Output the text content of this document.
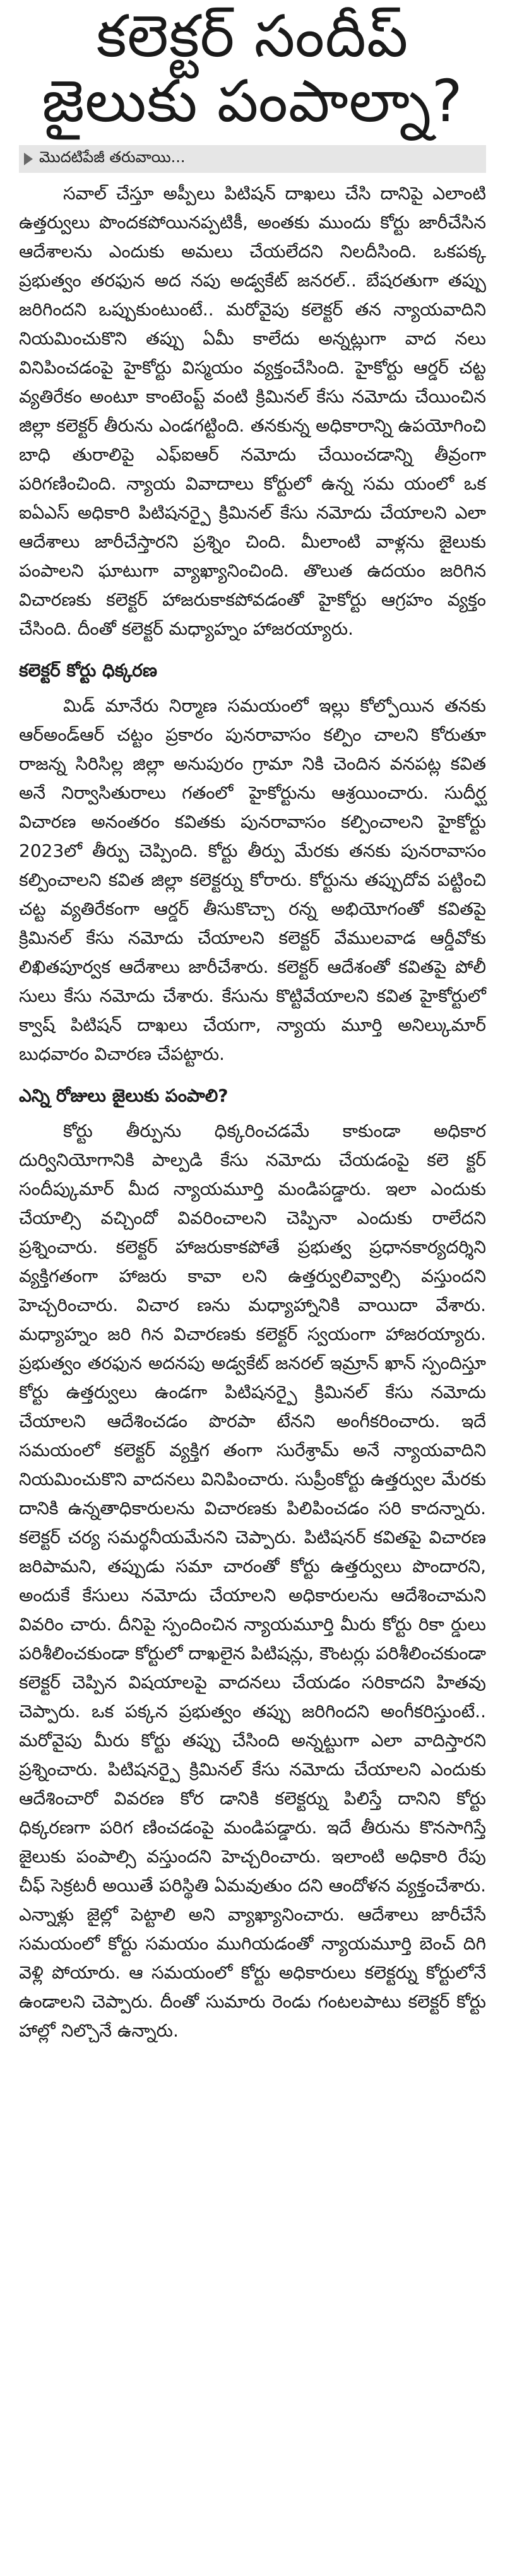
కలెక్టర్ సందీప్
జైలుకు పంపాల్నా?
మొదటిపేజీ తరువాయి...

సవాల్ చేస్తూ అప్పీలు పిటిషన్ దాఖలు చేసి దానిపై ఎలాంటి ఉత్తర్వులు పొందకపోయినప్పటికీ, అంతకు ముందు కోర్టు జారీచేసిన ఆదేశాలను ఎందుకు అమలు చేయలేదని నిలదీసింది. ఒకపక్క ప్రభుత్వం తరఫున అద నపు అడ్వకేట్ జనరల్.. బేషరతుగా తప్పు జరిగిందని ఒప్పుకుంటుంటే.. మరోవైపు కలెక్టర్ తన న్యాయవాదిని నియమించుకొని తప్పు ఏమీ కాలేదు అన్నట్లుగా వాద నలు వినిపించడంపై హైకోర్టు విస్మయం వ్యక్తంచేసింది. హైకోర్టు ఆర్డర్ చట్ట వ్యతిరేకం అంటూ కాంటెంప్ట్ వంటి క్రిమినల్ కేసు నమోదు చేయించిన జిల్లా కలెక్టర్ తీరును ఎండగట్టింది. తనకున్న అధికారాన్ని ఉపయోగించి బాధి తురాలిపై ఎఫ్ఐఆర్ నమోదు చేయించడాన్ని తీవ్రంగా పరిగణించింది. న్యాయ వివాదాలు కోర్టులో ఉన్న సమ యంలో ఒక ఐఏఎస్ అధికారి పిటిషనర్పై క్రిమినల్ కేసు నమోదు చేయాలని ఎలా ఆదేశాలు జారీచేస్తారని ప్రశ్నిం చింది. మీలాంటి వాళ్లను జైలుకు పంపాలని ఘాటుగా వ్యాఖ్యానించింది. తొలుత ఉదయం జరిగిన విచారణకు కలెక్టర్ హాజరుకాకపోవడంతో హైకోర్టు ఆగ్రహం వ్యక్తం చేసింది. దీంతో కలెక్టర్ మధ్యాహ్నం హాజరయ్యారు.

కలెక్టర్ కోర్టు ధిక్కరణ

మిడ్ మానేరు నిర్మాణ సమయంలో ఇల్లు కోల్పోయిన తనకు ఆర్అండ్ఆర్ చట్టం ప్రకారం పునరావాసం కల్పిం చాలని కోరుతూ రాజన్న సిరిసిల్ల జిల్లా అనుపురం గ్రామా నికి చెందిన వనపట్ల కవిత అనే నిర్వాసితురాలు గతంలో హైకోర్టును ఆశ్రయించారు. సుదీర్ఘ విచారణ అనంతరం కవితకు పునరావాసం కల్పించాలని హైకోర్టు 2023లో తీర్పు చెప్పింది. కోర్టు తీర్పు మేరకు తనకు పునరావాసం కల్పించాలని కవిత జిల్లా కలెక్టర్ను కోరారు. కోర్టును తప్పుదోవ పట్టించి చట్ట వ్యతిరేకంగా ఆర్డర్ తీసుకొచ్చా రన్న అభియోగంతో కవితపై క్రిమినల్ కేసు నమోదు చేయాలని కలెక్టర్ వేములవాడ ఆర్డీవోకు లిఖితపూర్వక ఆదేశాలు జారీచేశారు. కలెక్టర్ ఆదేశంతో కవితపై పోలీ సులు కేసు నమోదు చేశారు. కేసును కొట్టివేయాలని కవిత హైకోర్టులో క్వాష్ పిటిషన్ దాఖలు చేయగా, న్యాయ మూర్తి అనిల్కుమార్ బుధవారం విచారణ చేపట్టారు.

ఎన్ని రోజులు జైలుకు పంపాలి?

కోర్టు తీర్పును ధిక్కరించడమే కాకుండా అధికార దుర్వినియోగానికి పాల్పడి కేసు నమోదు చేయడంపై కలె క్టర్ సందీప్కుమార్ మీద న్యాయమూర్తి మండిపడ్డారు. ఇలా ఎందుకు చేయాల్సి వచ్చిందో వివరించాలని చెప్పినా ఎందుకు రాలేదని ప్రశ్నించారు. కలెక్టర్ హాజరుకాకపోతే ప్రభుత్వ ప్రధానకార్యదర్శిని వ్యక్తిగతంగా హాజరు కావా లని ఉత్తర్వులివ్వాల్సి వస్తుందని హెచ్చరించారు. విచార ణను మధ్యాహ్నానికి వాయిదా వేశారు. మధ్యాహ్నం జరి గిన విచారణకు కలెక్టర్ స్వయంగా హాజరయ్యారు. ప్రభుత్వం తరఫున అదనపు అడ్వకేట్ జనరల్ ఇమ్రాన్ ఖాన్ స్పందిస్తూ కోర్టు ఉత్తర్వులు ఉండగా పిటిషనర్పై క్రిమినల్ కేసు నమోదు చేయాలని ఆదేశించడం పొరపా టేనని అంగీకరించారు. ఇదే సమయంలో కలెక్టర్ వ్యక్తిగ తంగా సురేశ్రామ్ అనే న్యాయవాదిని నియమించుకొని వాదనలు వినిపించారు. సుప్రీంకోర్టు ఉత్తర్వుల మేరకు దానికి ఉన్నతాధికారులను విచారణకు పిలిపించడం సరి కాదన్నారు. కలెక్టర్ చర్య సమర్థనీయమేనని చెప్పారు. పిటిషనర్ కవితపై విచారణ జరిపామని, తప్పుడు సమా చారంతో కోర్టు ఉత్తర్వులు పొందారని, అందుకే కేసులు నమోదు చేయాలని అధికారులను ఆదేశించామని వివరిం చారు. దీనిపై స్పందించిన న్యాయమూర్తి మీరు కోర్టు రికా ర్డులు పరిశీలించకుండా కోర్టులో దాఖలైన పిటిషన్లు, కౌంటర్లు పరిశీలించకుండా కలెక్టర్ చెప్పిన విషయాలపై వాదనలు చేయడం సరికాదని హితవు చెప్పారు. ఒక పక్కన ప్రభుత్వం తప్పు జరిగిందని అంగీకరిస్తుంటే.. మరోవైపు మీరు కోర్టు తప్పు చేసింది అన్నట్టుగా ఎలా వాదిస్తారని ప్రశ్నించారు. పిటిషనర్పై క్రిమినల్ కేసు నమోదు చేయాలని ఎందుకు ఆదేశించారో వివరణ కోర డానికి కలెక్టర్ను పిలిస్తే దానిని కోర్టు ధిక్కరణగా పరిగ ణించడంపై మండిపడ్డారు. ఇదే తీరును కొనసాగిస్తే జైలుకు పంపాల్సి వస్తుందని హెచ్చరించారు. ఇలాంటి అధికారి రేపు చీఫ్ సెక్రటరీ అయితే పరిస్థితి ఏమవుతుం దని ఆందోళన వ్యక్తంచేశారు. ఎన్నాళ్లు జైల్లో పెట్టాలి అని వ్యాఖ్యానించారు. ఆదేశాలు జారీచేసే సమయంలో కోర్టు సమయం ముగియడంతో న్యాయమూర్తి బెంచ్ దిగి వెళ్లి పోయారు. ఆ సమయంలో కోర్టు అధికారులు కలెక్టర్ను కోర్టులోనే ఉండాలని చెప్పారు. దీంతో సుమారు రెండు గంటలపాటు కలెక్టర్ కోర్టు హాల్లో నిల్చొనే ఉన్నారు.
